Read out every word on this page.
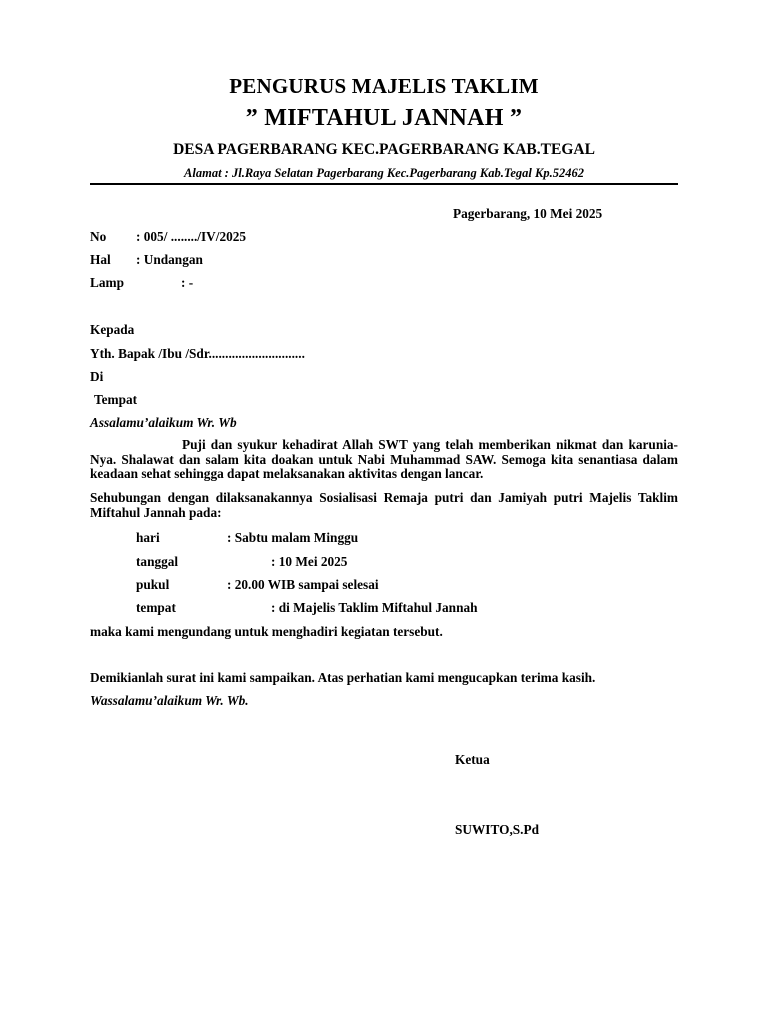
PENGURUS MAJELIS TAKLIM
” MIFTAHUL JANNAH ”
DESA PAGERBARANG KEC.PAGERBARANG KAB.TEGAL
Alamat : Jl.Raya Selatan Pagerbarang Kec.Pagerbarang Kab.Tegal Kp.52462
Pagerbarang, 10 Mei 2025
No : 005/ ......../IV/2025
Hal : Undangan
Lamp	: -
Kepada
Yth. Bapak /Ibu /Sdr.............................
Di
Tempat
Assalamu’alaikum Wr. Wb
Puji dan syukur kehadirat Allah SWT yang telah memberikan nikmat dan karunia-Nya. Shalawat dan salam kita doakan untuk Nabi Muhammad SAW. Semoga kita senantiasa dalam keadaan sehat sehingga dapat melaksanakan aktivitas dengan lancar.
Sehubungan dengan dilaksanakannya Sosialisasi Remaja putri dan Jamiyah putri Majelis Taklim Miftahul Jannah pada:
hari	: Sabtu malam Minggu
tanggal	: 10 Mei 2025
pukul	: 20.00 WIB sampai selesai
tempat	: di Majelis Taklim Miftahul Jannah
maka kami mengundang untuk menghadiri kegiatan tersebut.
Demikianlah surat ini kami sampaikan. Atas perhatian kami mengucapkan terima kasih.
Wassalamu’alaikum Wr. Wb.
Ketua
SUWITO,S.Pd
